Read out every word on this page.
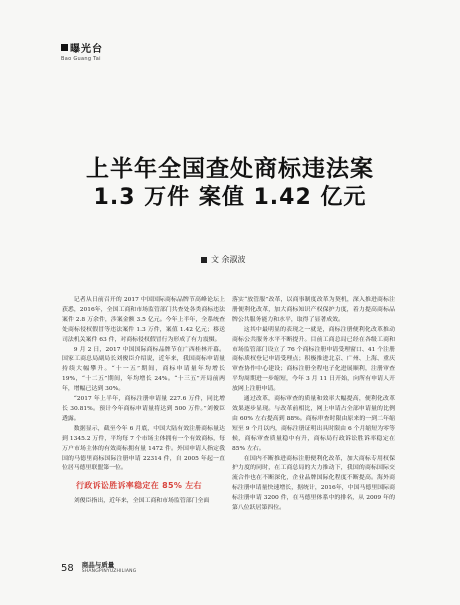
曝光台
Bao Guang Tai
上半年全国查处商标违法案
1.3 万件 案值 1.42 亿元
文 余淑波

记者从日前召开的 2017 中国国际商标品牌节高峰论坛上获悉，2016年，全国工商和市场监管部门共查处各类商标违法案件 2.8 万余件，涉案金额 3.5 亿元。今年上半年，全系统查处商标侵权假冒等违法案件 1.3 万件，案值 1.42 亿元；移送司法机关案件 63 件，对商标侵权假冒行为形成了有力震慑。

9 月 2 日，2017 中国国际商标品牌节在广西桂林开幕。国家工商总局副局长刘俊臣介绍说，近年来，我国商标申请量持续大幅攀升。“十一五”期间，商标申请量年均增长 19%，“十二五”期间，年均增长 24%。“十三五”开局前两年，增幅已达到 30%。

“2017 年上半年，商标注册申请量 227.6 万件，同比增长 30.81%。预计今年商标申请量将达到 500 万件。”刘俊臣透露。

数据显示，截至今年 6 月底，中国大陆有效注册商标量达到 1345.2 万件，平均每 7 个市场主体拥有一个有效商标，每万户市场主体的有效商标拥有量 1472 件。外国申请人指定我国的马德里商标国际注册申请 22314 件，自 2005 年起一直位居马德里联盟第一位。

行政诉讼胜诉率稳定在 85% 左右

刘俊臣指出，近年来，全国工商和市场监管部门全面

落实“放管服”改革，以商事制度改革为契机，深入推进商标注册便利化改革，加大商标知识产权保护力度，着力提高商标品牌公共服务能力和水平，取得了显著成效。

这其中最明显的表现之一就是，商标注册便利化改革推动商标公共服务水平不断提升。目前工商总局已经在各级工商和市场监管部门设立了 76 个商标注册申请受理窗口、41 个注册商标质权登记申请受理点；积极推进北京、广州、上海、重庆审查协作中心建设；商标注册全程电子化进展顺利，注册审查平均周期进一步缩短，今年 3 月 11 日开始，向所有申请人开放网上注册申请。

通过改革，商标审查的质量和效率大幅提高，便利化改革效果逐步显现。与改革前相比，网上申请占全部申请量的比例由 60% 左右提高到 88%。商标审查时限由原来的一到二年缩短至 9 个月以内，商标注册证明出具时限由 6 个月缩短为零等候，商标审查质量稳中有升，商标局行政诉讼胜诉率稳定在 85% 左右。

在国内不断推进商标注册便利化改革，加大商标专用权保护力度的同时，在工商总局的大力推动下，我国的商标国际交流合作也在不断深化，企业品牌国际化程度不断提高。海外商标注册申请量快速增长，据统计，2016年，中国马德里国际商标注册申请 3200 件，在马德里体系中的排名，从 2009 年的第八位跃居第四位。

58 商品与质量
SHANGPINYUZHILIANG
